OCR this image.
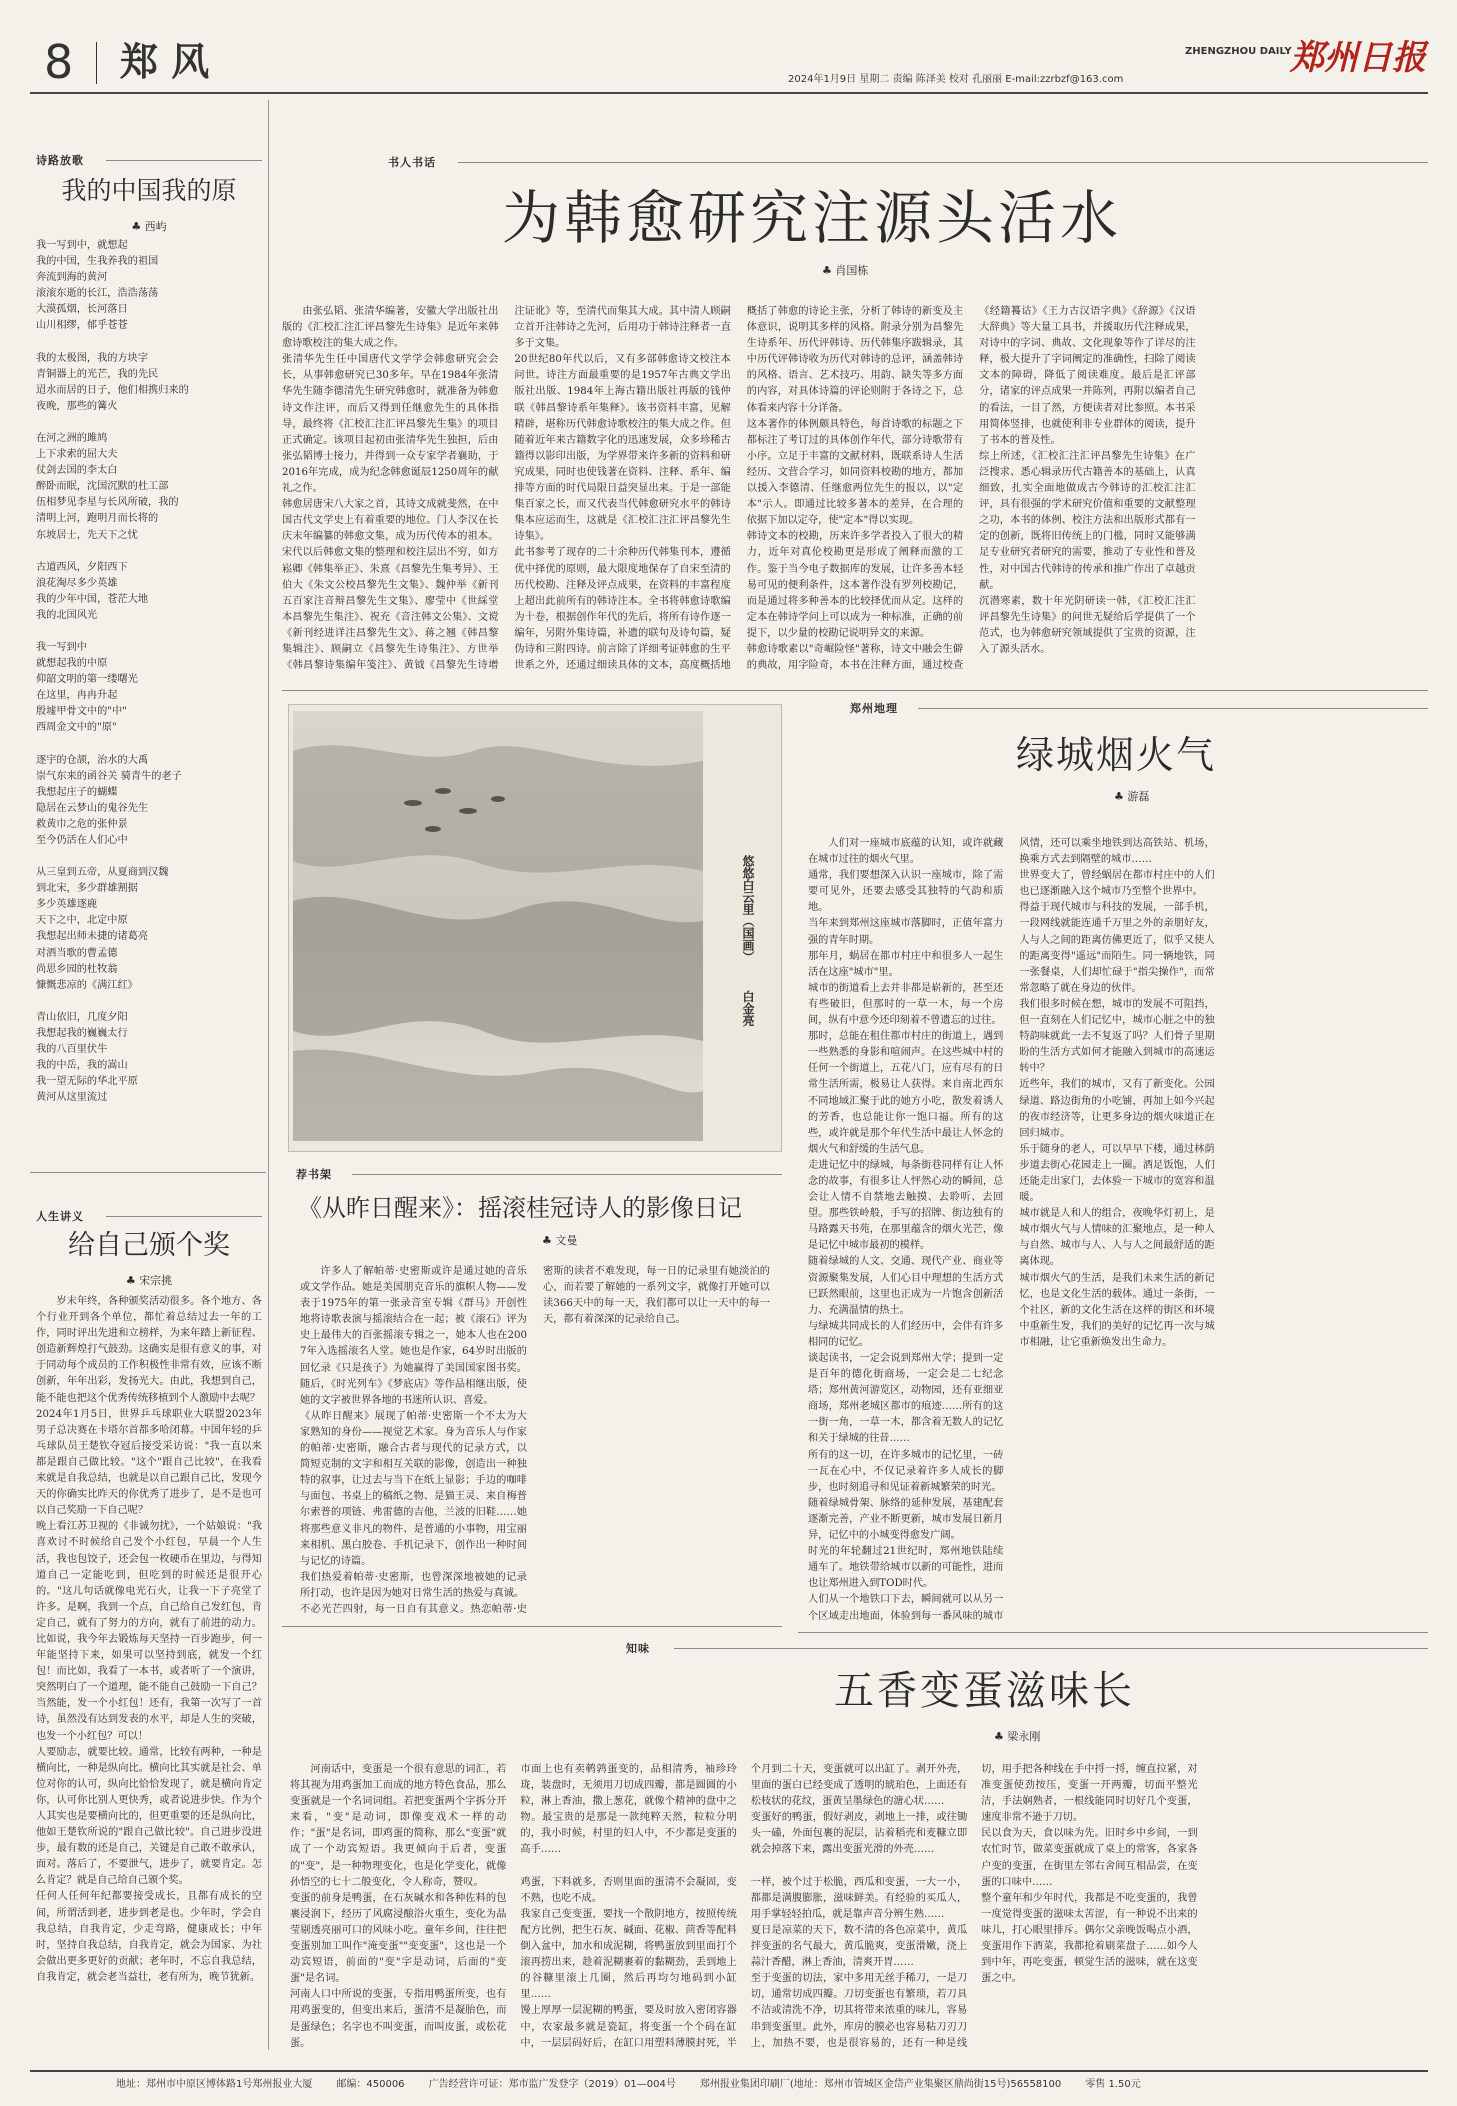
8 郑 风	ZHENGZHOU DAILY
郑州日报
2024年1月9日 星期二 责编 陈泽美 校对 孔丽丽 E-mail:zzrbzf@163.com
诗路放歌
我的中国我的原
♣ 西屿
我一写到中，就想起
我的中国，生我养我的祖国
奔流到海的黄河
滚滚东逝的长江，浩浩荡荡
大漠孤烟，长河落日
山川相缪，郁乎苍苍
我的太极图，我的方块字
青铜器上的光芒，我的先民
迢水而居的日子，他们相携归来的
夜晚，那些的篝火
在河之洲的雎鸠
上下求索的屈大夫
仗剑去国的李太白
醉卧而眠，沈国沉默的杜工部
伍相梦见李星与长风所破，我的
清明上河，跑明月而长将的
东坡居士，先天下之忧
古道西风，夕阳西下
浪花淘尽多少英雄
我的少年中国，苍茫大地
我的北国风光
我一写到中
就想起我的中原
仰韶文明的第一缕曙光
在这里，冉冉升起
殷墟甲骨文中的"中"
西周金文中的"原"
逐宇的仓颉，治水的大禹
崇气东来的函谷关 骑青牛的老子
我想起庄子的蝴蝶
隐居在云梦山的鬼谷先生
救黄巾之危的张仲景
至今仍活在人们心中
从三皇到五帝，从夏商到汉魏
到北宋，多少群雄割据
多少英雄逐鹿
天下之中，北定中原
我想起出师未捷的诸葛亮
对酒当歌的曹孟德
尚思乡园的杜牧翁
慷慨悲凉的《满江红》
青山依旧，几度夕阳
我想起我的巍巍太行
我的八百里伏牛
我的中岳，我的嵩山
我一望无际的华北平原
黄河从这里流过
人生讲义
给自己颁个奖
♣ 宋宗挑
岁末年终，各种颁奖活动很多。各个地方、各个行业开到各个单位，都忙着总结过去一年的工作，同时评出先进和立榜样，为来年踏上新征程、创造新辉煌打气鼓劲。这确实是很有意义的事，对于同动每个成员的工作积极性非常有效，应该不断创新，年年出彩，发扬光大。由此，我想到自己，能不能也把这个优秀传统移植到个人激励中去呢？
2024年1月5日，世界乒乓球职业大联盟2023年男子总决赛在卡塔尔首都多哈闭幕。中国年轻的乒乓球队员王楚钦夺冠后接受采访说："我一直以来都是跟自己做比较。"这个"跟自己比较"，在我看来就是自我总结，也就是以自己跟自己比，发现今天的你确实比昨天的你优秀了进步了，是不是也可以自己奖励一下自己呢？
晚上看江苏卫视的《非诚勿扰》，一个姑娘说："我喜欢讨不时候给自己发个小红包，早晨一个人生活，我也包饺子，还会包一枚硬币在里边，与得知道自己一定能吃到，但吃到的时候还是很开心的。"这儿句话就像电光石火，让我一下子亮堂了许多。是啊，我到一个点，自己给自己发红包，肯定自己，就有了努力的方向，就有了前进的动力。比如说，我今年去锻炼每天坚持一百步跑步，何一年能坚持下来，如果可以坚持到底，就发一个红包！而比如，我看了一本书，或者听了一个演讲，突然明白了一个道理，能不能自己鼓励一下自己？当然能，发一个小红包！还有，我第一次写了一首诗，虽然没有达到发表的水平，却是人生的突破，也发一个小红包？可以！
人要励志，就要比较。通常，比较有两种，一种是横向比，一种是纵向比。横向比其实就是社会、单位对你的认可，纵向比恰恰发现了，就是横向肯定你，认可你比别人更快秀，或者说进步快。作为个人其实也是要横向比的，但更重要的还是纵向比，他如王楚钦所说的"跟自己做比较"。自己进步没进步，最有数的还是自己，关键是自己敢不敢承认，面对。落后了，不要泄气，进步了，就要肯定。怎么肯定？就是自己给自己颁个奖。
任何人任何年纪都要接受成长，且都有成长的空间，所谓活到老，进步到老是也。少年时，学会自我总结，自我肯定，少走弯路，健康成长；中年时，坚持自我总结，自我肯定，就会为国家、为社会做出更多更好的贡献；老年时，不忘自我总结，自我肯定，就会老当益壮，老有所为，晚节犹新。
书人书话
为韩愈研究注源头活水
♣ 肖国栋
由张弘韬、张清华编著，安徽大学出版社出版的《汇校汇注汇评昌黎先生诗集》是近年来韩愈诗歌校注的集大成之作。
张清华先生任中国唐代文学学会韩愈研究会会长，从事韩愈研究已30多年。早在1984年张清华先生随李德清先生研究韩愈时，就准备为韩愈诗文作注评，而后又得到任继愈先生的具体指导，最终将《汇校汇注汇评昌黎先生集》的项目正式确定。该项目起初由张清华先生独担，后由张弘韬博士接力，并得到一众专家学者襄助，于2016年完成，成为纪念韩愈诞辰1250周年的献礼之作。
韩愈居唐宋八大家之首，其诗文成就斐然，在中国古代文学史上有着重要的地位。门人李汉在长庆末年编纂的韩愈文集，成为历代传本的祖本。宋代以后韩愈文集的整理和校注层出不穷，如方崧卿《韩集举正》、朱熹《昌黎先生集考异》、王伯大《朱文公校昌黎先生文集》、魏仲举《新刊五百家注音辩昌黎先生文集》、廖莹中《世綵堂本昌黎先生集注》、祝充《音注韩文公集》、文谠《新刊经进详注昌黎先生文》、蒋之翘《韩昌黎集辑注》、顾嗣立《昌黎先生诗集注》、方世举《韩昌黎诗集编年笺注》、黄钺《昌黎先生诗增注证讹》等，至清代而集其大成。其中清人顾嗣立首开注韩诗之先河，后用功于韩诗注释者一直多于文集。
20世纪80年代以后，又有多部韩愈诗文校注本问世。诗注方面最重要的是1957年古典文学出版社出版、1984年上海古籍出版社再版的钱仲联《韩昌黎诗系年集释》。该书资料丰富，见解精辟，堪称历代韩愈诗歌校注的集大成之作。但随着近年来古籍数字化的迅速发展，众多珍稀古籍得以影印出版，为学界带来许多新的资料和研究成果，同时也使钱著在资料、注释、系年、编排等方面的时代局限日益突显出来。于是一部能集百家之长，而又代表当代韩愈研究水平的韩诗集本应运而生，这就是《汇校汇注汇评昌黎先生诗集》。
此书参考了现存的二十余种历代韩集刊本，遵循优中择优的原则，最大限度地保存了自宋至清的历代校勘、注释及评点成果，在资料的丰富程度上超出此前所有的韩诗注本。全书将韩愈诗歌编为十卷，根据创作年代的先后，将所有诗作逐一编年，另附外集诗篇，补遗的联句及诗句篇，疑伪诗和三附四诗。前言除了详细考证韩愈的生平世系之外，还通过细读具体的文本，高度概括地概括了韩愈的诗论主张，分析了韩诗的新变及主体意识，说明其多样的风格。附录分别为昌黎先生诗系年、历代评韩诗、历代韩集序跋辑录，其中历代评韩诗收为历代对韩诗的总评，涵盖韩诗的风格、语言、艺术技巧、用韵、缺失等多方面的内容，对具体诗篇的评论则附于各诗之下，总体看来内容十分详备。
这本著作的体例颇具特色，每首诗歌的标题之下都标注了考订过的具体创作年代，部分诗歌带有小序。立足于丰富的文献材料，既联系诗人生活经历、文营合学习，如同资料校勘的地方，都加以援入李德清、任继愈两位先生的报以，以"定本"示人。即通过比较多著本的差异，在合理的依据下加以定夺，使"定本"得以实现。
韩诗文本的校勘，历来许多学者投入了很大的精力，近年对真伦校勘更是形成了阐释而激的工作。鉴于当今电子数据库的发展，让许多善本轻易可见的便利条件，这本著作没有罗列校勘记，而是通过将多种善本的比较择优而从定。这样的定本在韩诗学问上可以成为一种标准，正确的前提下，以少量的校勘记说明异文的来源。
韩愈诗歌素以"奇崛险怪"著称，诗文中融会生僻的典故，用字险奇，本书在注释方面，通过校查《经籍籑诂》《王力古汉语字典》《辞源》《汉语大辞典》等大量工具书，并援取历代注释成果，对诗中的字词、典故、文化现象等作了详尽的注释，极大提升了字词阐定的准确性，扫除了阅读文本的障碍，降低了阅读难度。最后是汇评部分，诸家的评点成果一并陈列，再附以编者自己的看法，一目了然，方便读者对比参照。本书采用简体竖排，也就使利非专业群体的阅读，提升了书本的普及性。
综上所述，《汇校汇注汇评昌黎先生诗集》在广泛搜求、悉心辑录历代古籍善本的基础上，认真细致，扎实全面地做成古今韩诗的汇校汇注汇评，具有很强的学术研究价值和重要的文献整理之功，本书的体例、校注方法和出版形式都有一定的创新，既将旧传统上的门槛，同时又能够满足专业研究者研究的需要，推动了专业性和普及性，对中国古代韩诗的传承和推广作出了卓越贡献。
沉潜寒素，数十年光阴研读一韩，《汇校汇注汇评昌黎先生诗集》的问世无疑给后学提供了一个范式，也为韩愈研究领域提供了宝贵的资源，注入了源头活水。
悠悠白云里（国画）  白金亮
荐书架
《从昨日醒来》：摇滚桂冠诗人的影像日记
♣ 文曼
许多人了解帕蒂·史密斯或许是通过她的音乐或文学作品。她是美国朋克音乐的旗帜人物——发表于1975年的第一张录音室专辑《群马》开创性地将诗歌表演与摇滚结合在一起；被《滚石》评为史上最伟大的百张摇滚专辑之一，她本人也在2007年入选摇滚名人堂。她也是作家，64岁时出版的回忆录《只是孩子》为她赢得了美国国家图书奖。随后，《时光列车》《梦底店》等作品相继出版，使她的文字被世界各地的书迷所认识、喜爱。
《从昨日醒来》展现了帕蒂·史密斯一个不太为大家熟知的身份——视觉艺术家。身为音乐人与作家的帕蒂·史密斯，融合古者与现代的记录方式，以简短克制的文字和相互关联的影像，创造出一种独特的叙事，让过去与当下在纸上显影；手边的咖啡与面包、书桌上的稿纸之物、是猫王灵、来自梅普尔索普的项链、弗雷德的吉他，兰波的旧鞋……她将那些意义非凡的物件、是普通的小事物，用宝丽来相机、黑白胶卷、手机记录下，创作出一种时间与记忆的诗篇。
我们热爱着帕蒂·史密斯，也曾深深地被她的记录所打动，也许是因为她对日常生活的热爱与真诚。
不必光芒四射，每一日自有其意义。热恋帕蒂·史密斯的读者不难发现，每一日的记录里有她淡泊的心，而若要了解她的一系列文字，就像打开她可以读366天中的每一天，我们都可以让一天中的每一天，都有着深深的记录给自己。
郑州地理
绿城烟火气
♣ 游磊
人们对一座城市底蕴的认知，或许就藏在城市过往的烟火气里。
通常，我们要想深入认识一座城市，除了需要可见外，还要去感受其独特的气韵和质地。
当年来到郑州这座城市落脚时，正值年富力强的青年时期。
那年月，蜗居在都市村庄中和很多人一起生活在这座"城市"里。
城市的街道看上去并非都是崭新的，甚至还有些破旧，但那时的一草一木，每一个房间，纵有中意今还印刻着不曾遗忘的过往。
那时，总能在租住都市村庄的街道上，遇到一些熟悉的身影和喧闹声。在这些城中村的任何一个街道上，五花八门，应有尽有的日常生活所需，极易让人获得。来自南北西东不同地域汇聚于此的她方小吃，散发着诱人的芳香，也总能让你一饱口福。所有的这些，或许就是那个年代生活中最让人怀念的烟火气和舒缓的生活气息。
走进记忆中的绿城，每条街巷同样有让人怀念的故事，有很多让人怦然心动的瞬间，总会让人情不自禁地去触摸、去聆听、去回望。那些铁岭般，手写的招牌、街边独有的马路露天书苑，在那里蕴含的烟火光芒，像是记忆中城市最初的模样。
随着绿城的人文、交通、现代产业、商业等资源聚集发展，人们心目中理想的生活方式已跃然眼前，这里也正成为一片饱含创新活力、充满温情的热土。
与绿城共同成长的人们经历中，会伴有许多相同的记忆。
谈起读书，一定会说到郑州大学；提到一定是百年的德化街商场，一定会是二七纪念塔；郑州黄河游览区，动物园，还有亚细亚商场，郑州老城区都市的痕迹……所有的这一街一角，一草一木，都含着无数人的记忆和关于绿城的往昔……
所有的这一切，在许多城市的记忆里，一砖一瓦在心中，不仅记录着许多人成长的脚步，也时刻追寻和见证着新城繁荣的时光。
随着绿城骨架、脉络的延伸发展，基建配套逐渐完善，产业不断更新，城市发展日新月异，记忆中的小城变得愈发广阔。
时光的年轮翻过21世纪时，郑州地铁陆续通车了。地铁带给城市以新的可能性，进而也让郑州进入到TOD时代。
人们从一个地铁口下去，瞬间就可以从另一个区域走出地面，体验到每一番风味的城市风情，还可以乘坐地铁到达高铁站、机场，换乘方式去到隔壁的城市……
世界变大了，曾经蜗居在都市村庄中的人们也已逐渐融入这个城市乃至整个世界中。
得益于现代城市与科技的发展，一部手机，一段网线就能连通千万里之外的亲朋好友，人与人之间的距离仿佛更近了，似乎又使人的距离变得"遥远"而陌生。同一辆地铁，同一张餐桌，人们却忙碌于"指尖操作"，而常常忽略了就在身边的伙伴。
我们很多时候在想，城市的发展不可阻挡，但一直刻在人们记忆中，城市心脏之中的独特韵味就此一去不复返了吗？人们骨子里期盼的生活方式如何才能融入到城市的高速运转中？
近些年，我们的城市，又有了新变化。公园绿道、路边街角的小吃铺，再加上如今兴起的夜市经济等，让更多身边的烟火味道正在回归城市。
乐于随身的老人，可以早早下楼，通过林荫步道去街心花园走上一圈。酒足饭饱，人们还能走出家门，去体验一下城市的宽容和温暖。
城市就是人和人的组合，夜晚华灯初上，是城市烟火气与人情味的汇聚地点，是一种人与自然、城市与人、人与人之间最舒适的距离体现。
城市烟火气的生活，是我们未来生活的新记忆，也是文化生活的载体。通过一条街，一个社区，新的文化生活在这样的街区和环境中重新生发，我们的美好的记忆再一次与城市相融，让它重新焕发出生命力。
知味
五香变蛋滋味长
♣ 梁永刚
河南话中，变蛋是一个很有意思的词汇，若将其视为用鸡蛋加工而成的地方特色食品，那么变蛋就是一个名词词组。若把变蛋两个字拆分开来看，"变"是动词，即像变戏术一样的动作；"蛋"是名词，即鸡蛋的简称，那么"变蛋"就成了一个动宾短语。我更倾向于后者，变蛋的"变"，是一种物理变化，也是化学变化，就像孙悟空的七十二般变化，令人称奇，赞叹。
变蛋的前身是鸭蛋，在石灰碱水和各种佐料的包裹浸润下，经历了风腐浸酿浴火重生，变化为晶莹剔透亮丽可口的风味小吃。童年乡间，往往把变蛋别加工叫作"淹变蛋""变变蛋"，这也是一个动宾短语，前面的"变"字是动词，后面的"变蛋"是名词。
河南人口中所说的变蛋，专指用鸭蛋所变，也有用鸡蛋变的，但变出来后，蛋清不是凝胎色，而是蛋绿色；名字也不叫变蛋，而叫皮蛋，或松花蛋。
市面上也有卖鹌鹑蛋变的，品相清秀，袖珍玲珑，装盘时，无须用刀切成四瓣，都是圆圆的小粒，淋上香油，撒上葱花，就像个精神的盘中之物。最宝贵的是那是一款纯粹天然，粒粒分明的，我小时候，村里的妇人中，不少都是变蛋的高手……

鸡蛋，下料就多，否则里面的蛋清不会凝固，变不熟，也吃不成。
我家自己变变蛋，要找一个散阴地方，按照传统配方比例，把生石灰、碱面、花椒、茴香等配料倒入盆中，加水和成泥糊，将鸭蛋放到里面打个滚再捞出来，趁着泥糊裹着的黏糊劲，丢到地上的谷糠里滚上几圈，然后再均匀地码到小缸里……
馒上厚厚一层泥糊的鸭蛋，要及时放入密闭容器中，农家最多就是瓷缸，将变蛋一个个码在缸中，一层层码好后，在缸口用塑料薄膜封死，半个月到二十天，变蛋就可以出缸了。剥开外壳，里面的蛋白已经变成了透明的琥珀色，上面还有松枝状的花纹，蛋黄呈墨绿色的溏心状……
变蛋好的鸭蛋，假好剥皮，剥地上一排，或往锄头一磕，外面包裹的泥层，沾着稻壳和麦糠立即就会掉落下来，露出变蛋光滑的外壳……

一样，被个过于松脆，西瓜和变蛋，一大一小，都都是满腹膨胀，滋味鲜美。有经验的买瓜人，用手掌轻轻拍瓜，就是靠声音分辨生熟……
夏日是凉菜的天下，数不清的各色凉菜中，黄瓜拌变蛋的名气最大，黄瓜脆爽，变蛋滑嫩，浇上蒜汁香醋，淋上香油，清爽开胃……
至于变蛋的切法，家中多用无丝手稀刀，一是刀切，通常切成四瓣。刀切变蛋也有繁琐，若刀具不洁或清洗不净，切其将带来浓重的味儿，容易串到变蛋里。此外，库房的膜必也容易粘刀刃刀上，加热不要，也是很容易的，还有一种是线切，用手把各种线在手中捋一捋，缠直拉紧，对准变蛋使劲按压，变蛋一开两瓣，切面平整光洁，手法娴熟者，一根线能同时切好几个变蛋，速度非常不逊于刀切。
民以食为天，食以味为先。旧时乡中乡间，一到农忙时节，做菜变蛋就成了桌上的常客，各家各户变的变蛋，在街里左邻右舍间互相品尝，在变蛋的口味中……
整个童年和少年时代，我都是不吃变蛋的，我曾一度觉得变蛋的滋味太苦涩，有一种说不出来的味儿，打心眼里排斥。偶尔父亲晚饭喝点小酒，变蛋用作下酒菜，我都抢着刷菜盘子……如今人到中年，再吃变蛋，顿觉生活的滋味，就在这变蛋之中。
地址：郑州市中原区博体路1号郑州报业大厦 邮编：450006 广告经营许可证：郑市监广发登字（2019）01—004号 郑州报业集团印刷厂(地址：郑州市管城区金岱产业集聚区鼎尚街15号)56558100 零售 1.50元
